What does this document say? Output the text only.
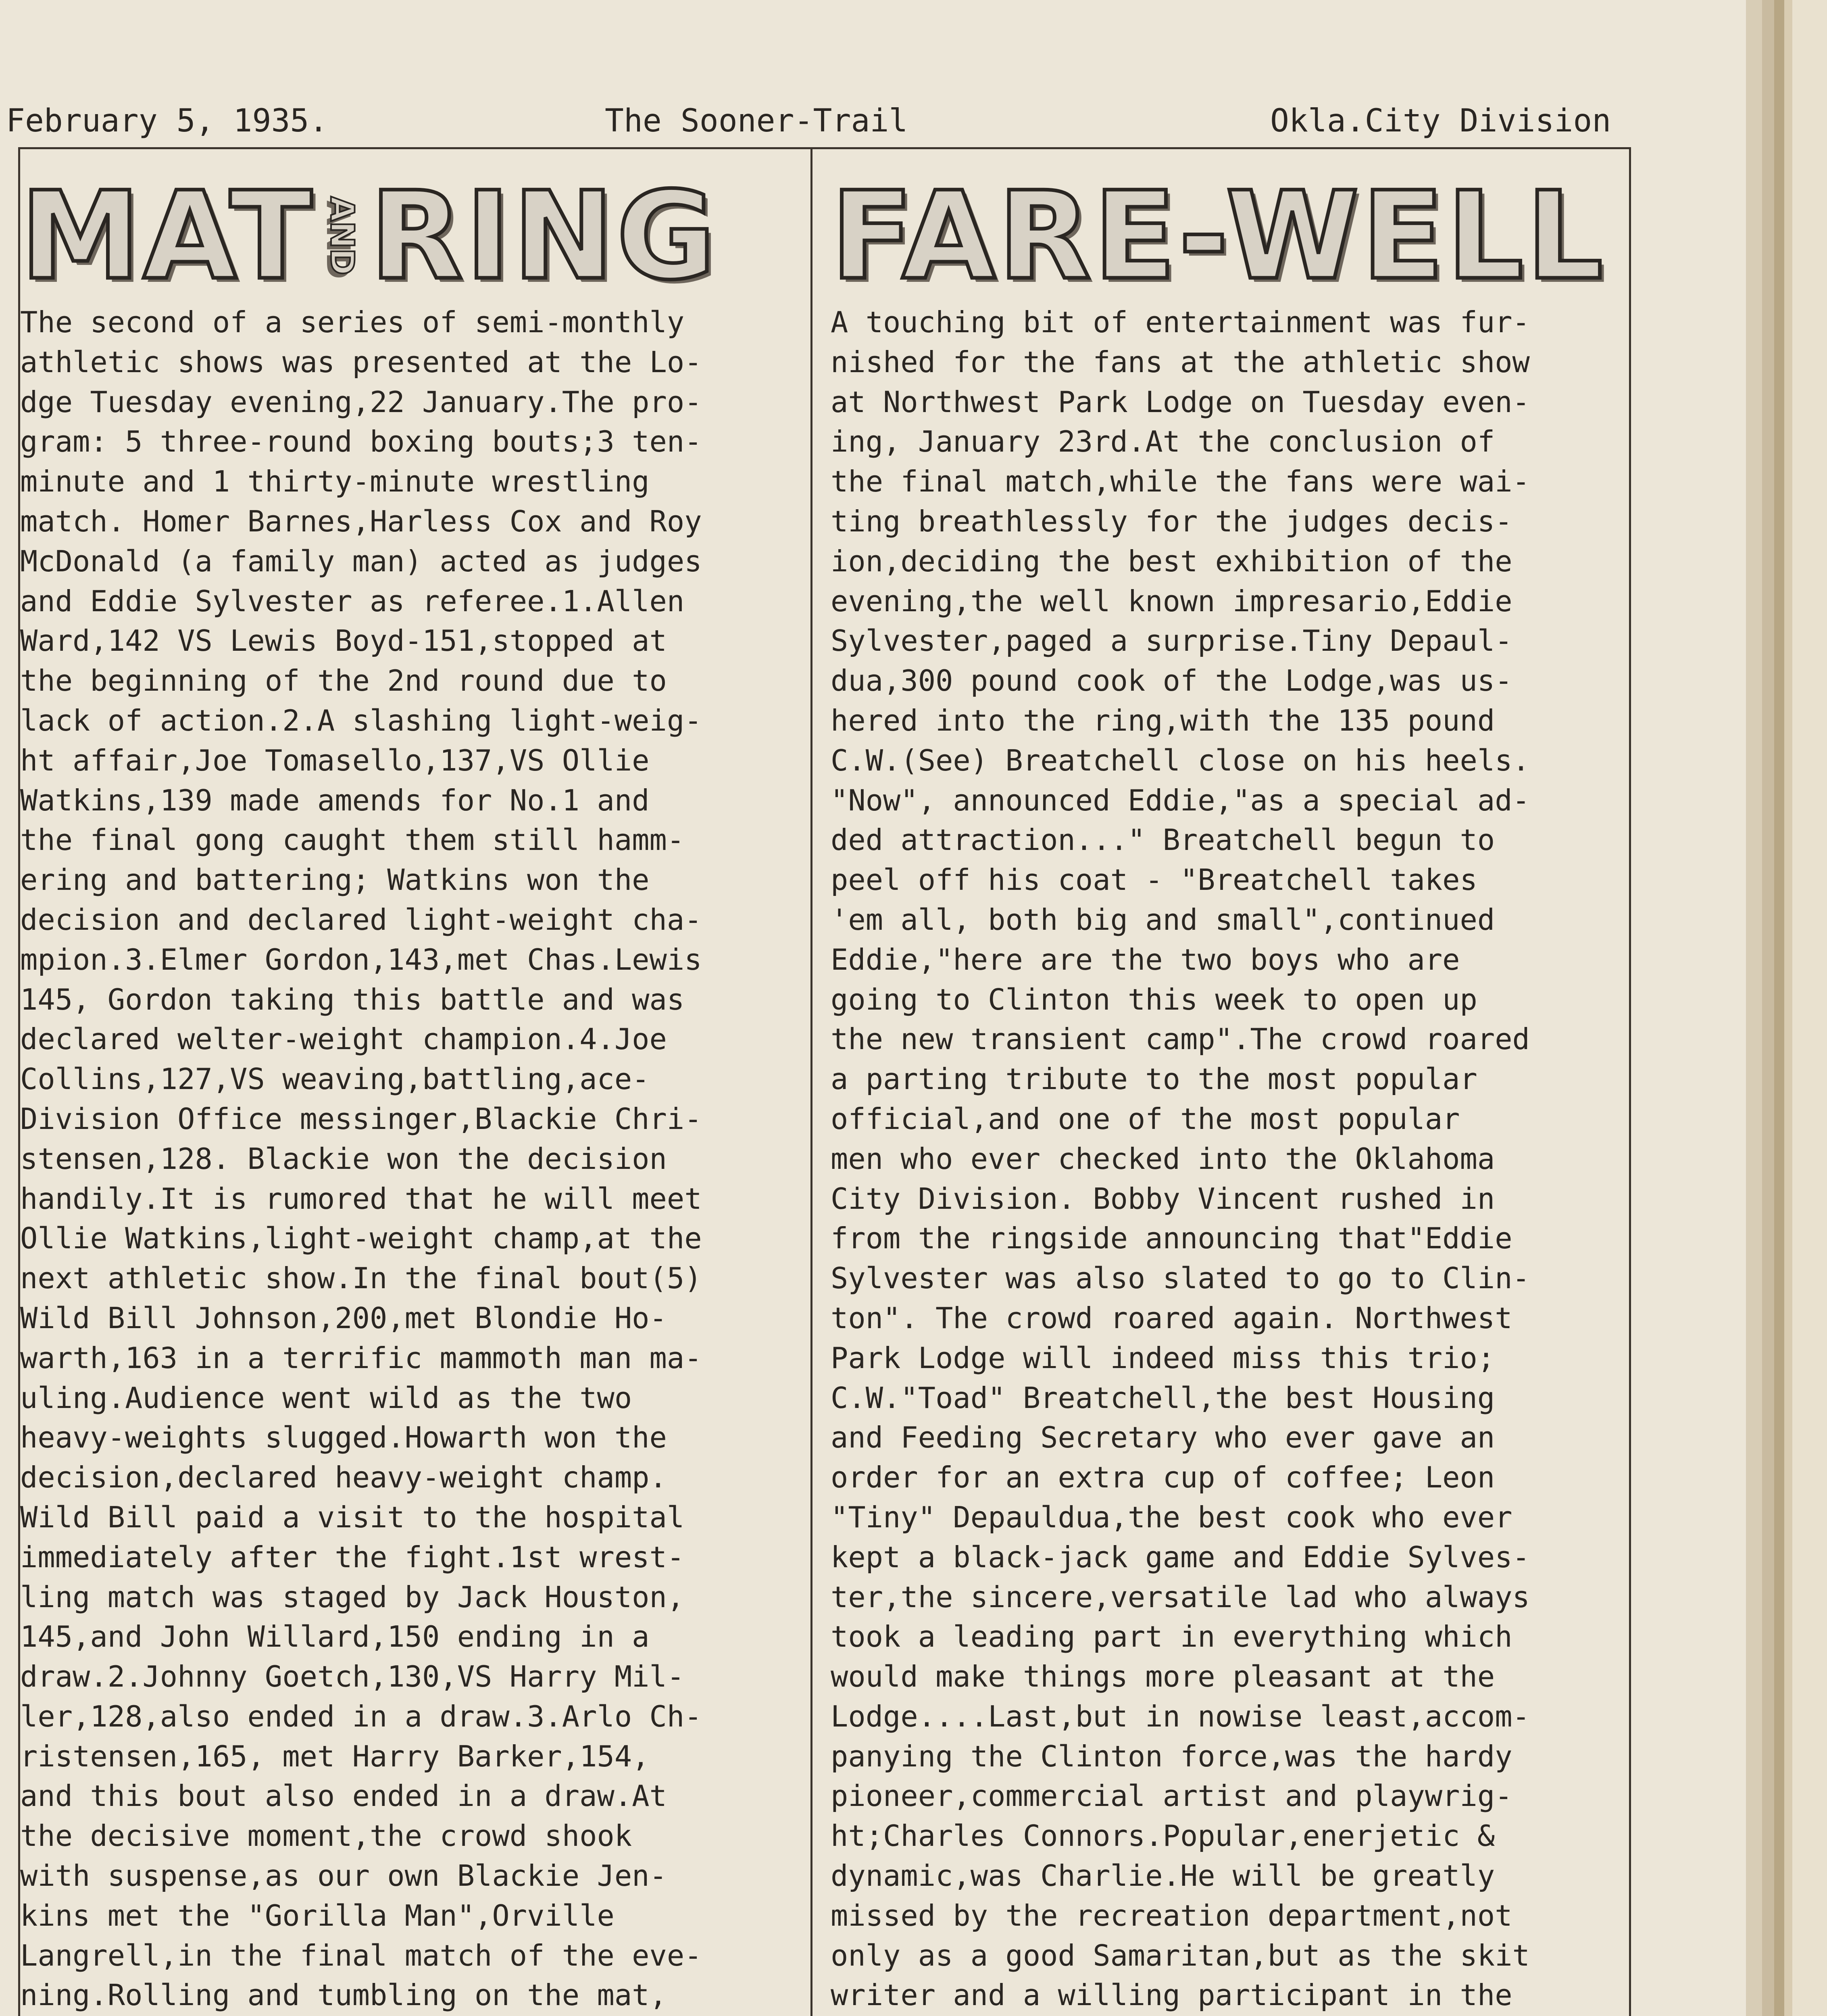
February 5, 1935.	The Sooner-Trail	Okla.City Division
MAT AND RING
The second of a series of semi-monthly
athletic shows was presented at the Lo-
dge Tuesday evening,22 January.The pro-
gram: 5 three-round boxing bouts;3 ten-
minute and 1 thirty-minute wrestling
match. Homer Barnes,Harless Cox and Roy
McDonald (a family man) acted as judges
and Eddie Sylvester as referee.1.Allen
Ward,142 VS Lewis Boyd-151,stopped at
the beginning of the 2nd round due to
lack of action.2.A slashing light-weig-
ht affair,Joe Tomasello,137,VS Ollie
Watkins,139 made amends for No.1 and
the final gong caught them still hamm-
ering and battering; Watkins won the
decision and declared light-weight cha-
mpion.3.Elmer Gordon,143,met Chas.Lewis
145, Gordon taking this battle and was
declared welter-weight champion.4.Joe
Collins,127,VS weaving,battling,ace-
Division Office messinger,Blackie Chri-
stensen,128. Blackie won the decision
handily.It is rumored that he will meet
Ollie Watkins,light-weight champ,at the
next athletic show.In the final bout(5)
Wild Bill Johnson,200,met Blondie Ho-
warth,163 in a terrific mammoth man ma-
uling.Audience went wild as the two
heavy-weights slugged.Howarth won the
decision,declared heavy-weight champ.
Wild Bill paid a visit to the hospital
immediately after the fight.1st wrest-
ling match was staged by Jack Houston,
145,and John Willard,150 ending in a
draw.2.Johnny Goetch,130,VS Harry Mil-
ler,128,also ended in a draw.3.Arlo Ch-
ristensen,165, met Harry Barker,154,
and this bout also ended in a draw.At
the decisive moment,the crowd shook
with suspense,as our own Blackie Jen-
kins met the "Gorilla Man",Orville
Langrell,in the final match of the eve-
ning.Rolling and tumbling on the mat,
FARE-WELL
A touching bit of entertainment was fur-
nished for the fans at the athletic show
at Northwest Park Lodge on Tuesday even-
ing, January 23rd.At the conclusion of
the final match,while the fans were wai-
ting breathlessly for the judges decis-
ion,deciding the best exhibition of the
evening,the well known impresario,Eddie
Sylvester,paged a surprise.Tiny Depaul-
dua,300 pound cook of the Lodge,was us-
hered into the ring,with the 135 pound
C.W.(See) Breatchell close on his heels.
"Now", announced Eddie,"as a special ad-
ded attraction..." Breatchell begun to
peel off his coat - "Breatchell takes
'em all, both big and small",continued
Eddie,"here are the two boys who are
going to Clinton this week to open up
the new transient camp".The crowd roared
a parting tribute to the most popular
official,and one of the most popular
men who ever checked into the Oklahoma
City Division. Bobby Vincent rushed in
from the ringside announcing that"Eddie
Sylvester was also slated to go to Clin-
ton". The crowd roared again. Northwest
Park Lodge will indeed miss this trio;
C.W."Toad" Breatchell,the best Housing
and Feeding Secretary who ever gave an
order for an extra cup of coffee; Leon
"Tiny" Depauldua,the best cook who ever
kept a black-jack game and Eddie Sylves-
ter,the sincere,versatile lad who always
took a leading part in everything which
would make things more pleasant at the
Lodge....Last,but in nowise least,accom-
panying the Clinton force,was the hardy
pioneer,commercial artist and playwrig-
ht;Charles Connors.Popular,enerjetic &
dynamic,was Charlie.He will be greatly
missed by the recreation department,not
only as a good Samaritan,but as the skit
writer and a willing participant in the
